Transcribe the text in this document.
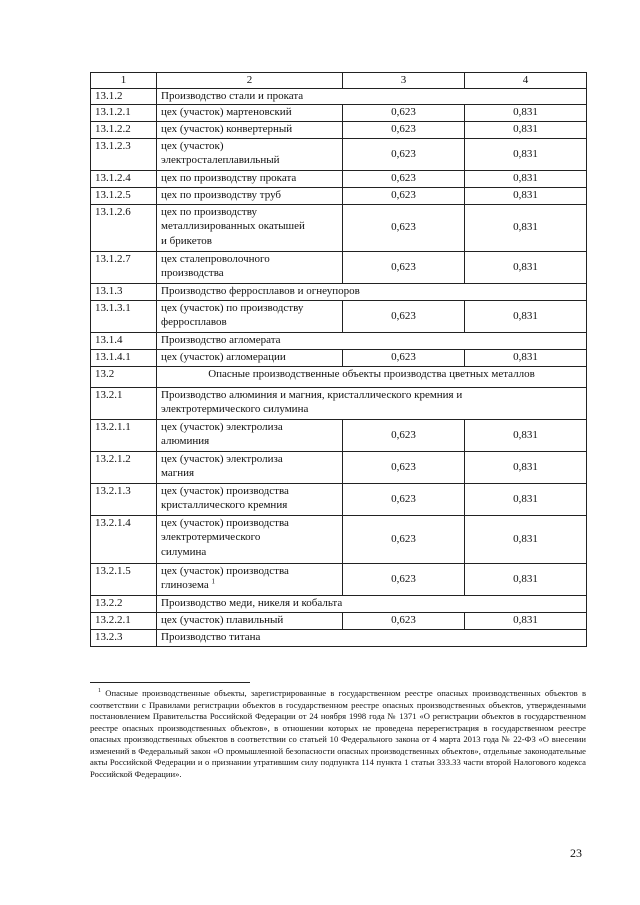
1	2	3	4
13.1.2	Производство стали и проката		
13.1.2.1	цех (участок) мартеновский	0,623	0,831
13.1.2.2	цех (участок) конвертерный	0,623	0,831
13.1.2.3	цех (участок)
электросталеплавильный	0,623	0,831
13.1.2.4	цех по производству проката	0,623	0,831
13.1.2.5	цех по производству труб	0,623	0,831
13.1.2.6	цех по производству
металлизированных окатышей
и брикетов	0,623	0,831
13.1.2.7	цех сталепроволочного
производства	0,623	0,831
13.1.3	Производство ферросплавов и огнеупоров		
13.1.3.1	цех (участок) по производству
ферросплавов	0,623	0,831
13.1.4	Производство агломерата		
13.1.4.1	цех (участок) агломерации	0,623	0,831
13.2	Опасные производственные объекты производства цветных металлов		
13.2.1	Производство алюминия и магния, кристаллического кремния и
электротермического силумина		
13.2.1.1	цех (участок) электролиза
алюминия	0,623	0,831
13.2.1.2	цех (участок) электролиза
магния	0,623	0,831
13.2.1.3	цех (участок) производства
кристаллического кремния	0,623	0,831
13.2.1.4	цех (участок) производства
электротермического
силумина	0,623	0,831
13.2.1.5	цех (участок) производства
глинозема $^1$	0,623	0,831
13.2.2	Производство меди, никеля и кобальта		
13.2.2.1	цех (участок) плавильный	0,623	0,831
13.2.3	Производство титана		
$^1$ Опасные производственные объекты, зарегистрированные в государственном реестре опасных производственных объектов в соответствии с Правилами регистрации объектов в государственном реестре опасных производственных объектов, утвержденными постановлением Правительства Российской Федерации от 24 ноября 1998 года № 1371 «О регистрации объектов в государственном реестре опасных производственных объектов», в отношении которых не проведена перерегистрация в государственном реестре опасных производственных объектов в соответствии со статьей 10 Федерального закона от 4 марта 2013 года № 22-ФЗ «О внесении изменений в Федеральный закон «О промышленной безопасности опасных производственных объектов», отдельные законодательные акты Российской Федерации и о признании утратившим силу подпункта 114 пункта 1 статьи 333.33 части второй Налогового кодекса Российской Федерации».
23
